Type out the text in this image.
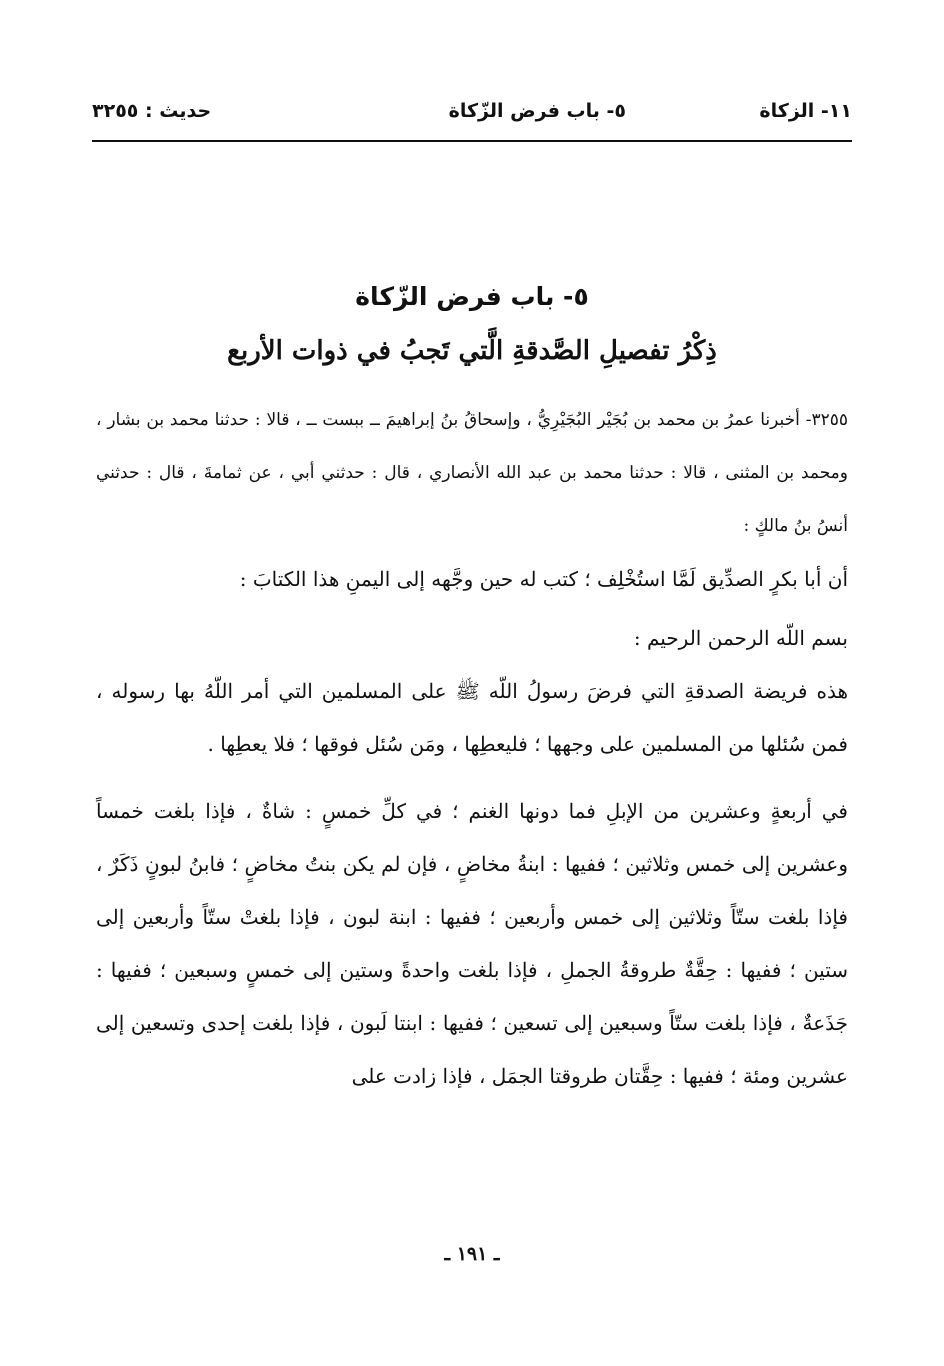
١١- الزكاة
٥- باب فرض الزّكاة
حديث : ٣٢٥٥
٥- باب فرض الزّكاة
ذِكْرُ تفصيلِ الصَّدقةِ الَّتي تَجبُ في ذوات الأربع

٣٢٥٥- أخبرنا عمرُ بن محمد بن بُجَيْر البُجَيْرِيُّ ، وإسحاقُ بنُ إبراهيمَ ــ ببست ــ ، قالا : حدثنا محمد بن بشار ، ومحمد بن المثنى ، قالا : حدثنا محمد بن عبد الله الأنصاري ، قال : حدثني أبي ، عن ثمامةَ ، قال : حدثني أنسُ بنُ مالكٍ :

أن أبا بكرٍ الصدِّيق لَمَّا استُخْلِف ؛ كتب له حين وجَّهه إلى اليمنِ هذا الكتابَ :

بسم اللّه الرحمن الرحيم :

هذه فريضة الصدقةِ التي فرضَ رسولُ اللّه ﷺ على المسلمين التي أمر اللّهُ بها رسوله ، فمن سُئلها من المسلمين على وجهها ؛ فليعطِها ، ومَن سُئل فوقها ؛ فلا يعطِها .

في أربعةٍ وعشرين من الإبلِ فما دونها الغنم ؛ في كلِّ خمسٍ : شاةٌ ، فإذا بلغت خمساً وعشرين إلى خمس وثلاثين ؛ ففيها : ابنةُ مخاضٍ ، فإن لم يكن بنتُ مخاضٍ ؛ فابنُ لبونٍ ذَكَرٌ ، فإذا بلغت ستّاً وثلاثين إلى خمس وأربعين ؛ ففيها : ابنة لبون ، فإذا بلغتْ ستّاً وأربعين إلى ستين ؛ ففيها : حِقَّةٌ طروقةُ الجملِ ، فإذا بلغت واحدةً وستين إلى خمسٍ وسبعين ؛ ففيها : جَذَعةٌ ، فإذا بلغت ستّاً وسبعين إلى تسعين ؛ ففيها : ابنتا لَبون ، فإذا بلغت إحدى وتسعين إلى عشرين ومئة ؛ ففيها : حِقَّتان طروقتا الجمَل ، فإذا زادت على

ـ ١٩١ ـ
